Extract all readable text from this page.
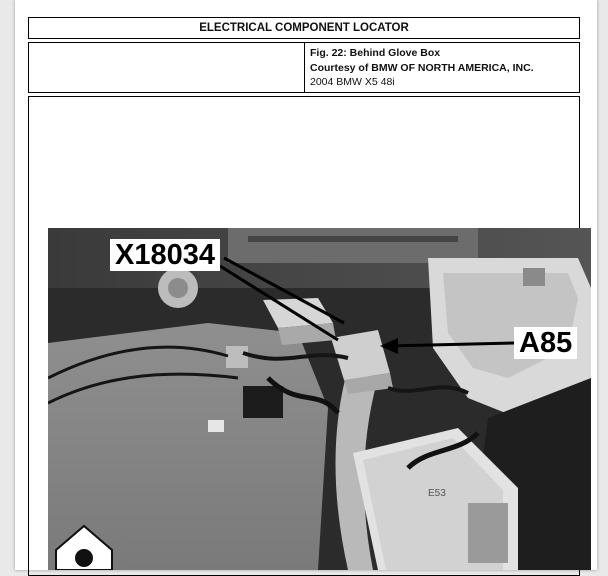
ELECTRICAL COMPONENT LOCATOR
Fig. 22: Behind Glove Box
Courtesy of BMW OF NORTH AMERICA, INC.
2004 BMW X5 48i
E53
X18034
A85
